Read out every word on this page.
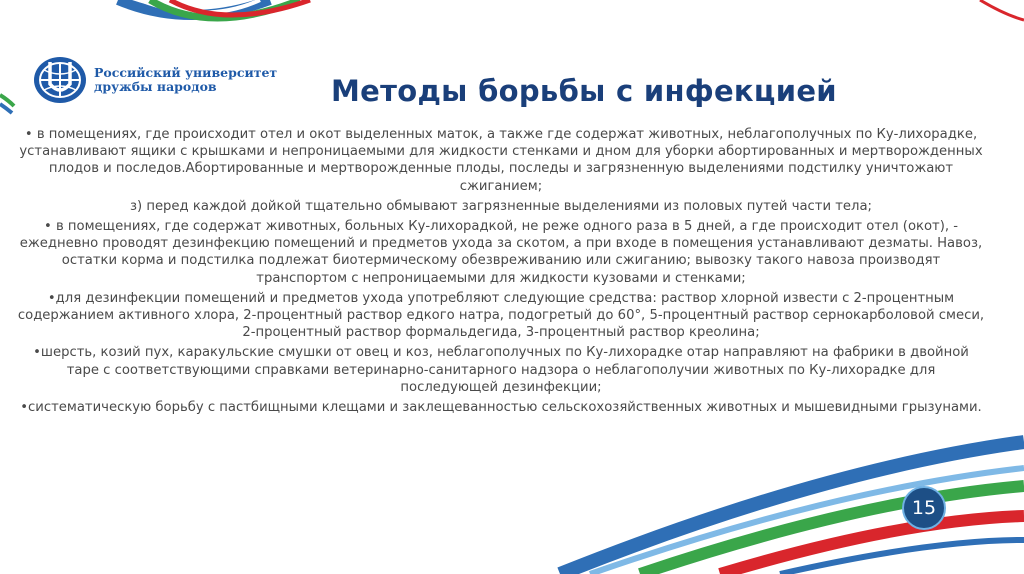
Российский университет
дружбы народов	Методы борьбы с инфекцией

• в помещениях, где происходит отел и окот выделенных маток, а также где содержат животных, неблагополучных по Ку-лихорадке, устанавливают ящики с крышками и непроницаемыми для жидкости стенками и дном для уборки абортированных и мертворожденных плодов и последов.Абортированные и мертворожденные плоды, последы и загрязненную выделениями подстилку уничтожают сжиганием;

з) перед каждой дойкой тщательно обмывают загрязненные выделениями из половых путей части тела;

• в помещениях, где содержат животных, больных Ку-лихорадкой, не реже одного раза в 5 дней, а где происходит отел (окот), - ежедневно проводят дезинфекцию помещений и предметов ухода за скотом, а при входе в помещения устанавливают дезматы. Навоз, остатки корма и подстилка подлежат биотермическому обезвреживанию или сжиганию; вывозку такого навоза производят транспортом с непроницаемыми для жидкости кузовами и стенками;

•для дезинфекции помещений и предметов ухода употребляют следующие средства: раствор хлорной извести с 2-процентным содержанием активного хлора, 2-процентный раствор едкого натра, подогретый до 60°, 5-процентный раствор сернокарболовой смеси, 2-процентный раствор формальдегида, 3-процентный раствор креолина;

•шерсть, козий пух, каракульские смушки от овец и коз, неблагополучных по Ку-лихорадке отар направляют на фабрики в двойной таре с соответствующими справками ветеринарно-санитарного надзора о неблагополучии животных по Ку-лихорадке для последующей дезинфекции;

•систематическую борьбу с пастбищными клещами и заклещеванностью сельскохозяйственных животных и мышевидными грызунами.

15
